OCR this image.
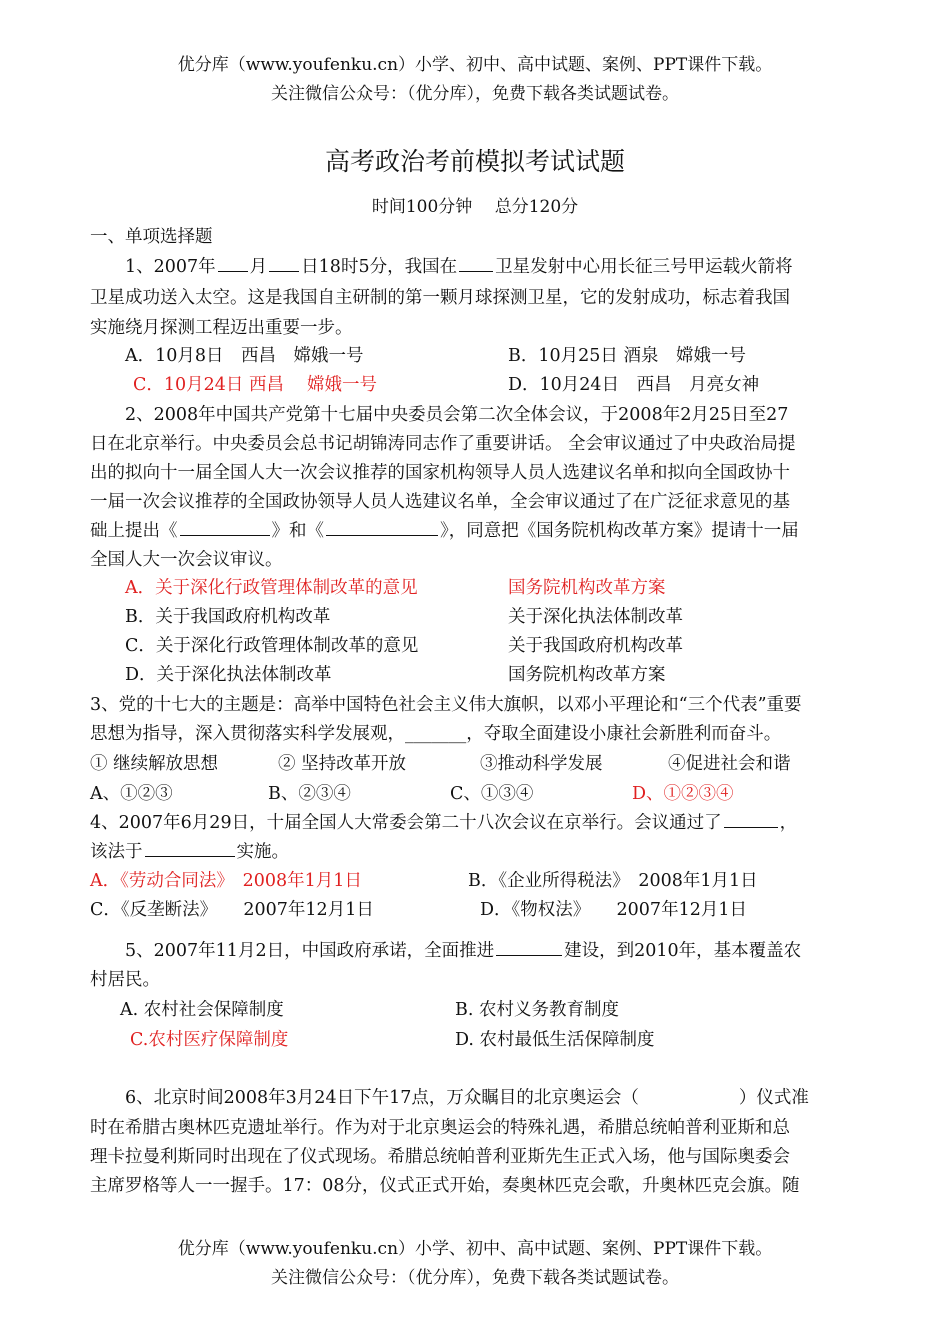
优分库（www.youfenku.cn）小学、初中、高中试题、案例、PPT课件下载。
关注微信公众号：（优分库），免费下载各类试题试卷。
高考政治考前模拟考试试题
时间100分钟　 总分120分
一、单项选择题
1、2007年 月 日18时5分，我国在 卫星发射中心用长征三号甲运载火箭将
卫星成功送入太空。这是我国自主研制的第一颗月球探测卫星，它的发射成功，标志着我国
实施绕月探测工程迈出重要一步。
A．10月8日　西昌　嫦娥一号	B．10月25日 酒泉　嫦娥一号
C．10月24日 西昌　 嫦娥一号	D．10月24日　西昌　月亮女神
2、2008年中国共产党第十七届中央委员会第二次全体会议，于2008年2月25日至27
日在北京举行。中央委员会总书记胡锦涛同志作了重要讲话。 全会审议通过了中央政治局提
出的拟向十一届全国人大一次会议推荐的国家机构领导人员人选建议名单和拟向全国政协十
一届一次会议推荐的全国政协领导人员人选建议名单，全会审议通过了在广泛征求意见的基
础上提出《	》和《	》，同意把《国务院机构改革方案》提请十一届
全国人大一次会议审议。
A．关于深化行政管理体制改革的意见	国务院机构改革方案
B．关于我国政府机构改革	关于深化执法体制改革
C．关于深化行政管理体制改革的意见	关于我国政府机构改革
D．关于深化执法体制改革	国务院机构改革方案
3、党的十七大的主题是：高举中国特色社会主义伟大旗帜，以邓小平理论和“三个代表”重要
思想为指导，深入贯彻落实科学发展观，_______，夺取全面建设小康社会新胜利而奋斗。
① 继续解放思想	② 坚持改革开放	③推动科学发展	④促进社会和谐
A、①②③	B、②③④	C、①③④	D、①②③④
4、2007年6月29日，十届全国人大常委会第二十八次会议在京举行。会议通过了	，
该法于	实施。
A．《劳动合同法》　2008年1月1日	B．《企业所得税法》　2008年1月1日
C．《反垄断法》　　2007年12月1日	D．《物权法》　　2007年12月1日
5、2007年11月2日，中国政府承诺，全面推进	建设，到2010年，基本覆盖农
村居民。
A. 农村社会保障制度	B. 农村义务教育制度
C.农村医疗保障制度	D. 农村最低生活保障制度
6、北京时间2008年3月24日下午17点，万众瞩目的北京奥运会（	）仪式准
时在希腊古奥林匹克遗址举行。作为对于北京奥运会的特殊礼遇，希腊总统帕普利亚斯和总
理卡拉曼利斯同时出现在了仪式现场。希腊总统帕普利亚斯先生正式入场，他与国际奥委会
主席罗格等人一一握手。17：08分，仪式正式开始，奏奥林匹克会歌，升奥林匹克会旗。随
优分库（www.youfenku.cn）小学、初中、高中试题、案例、PPT课件下载。
关注微信公众号：（优分库），免费下载各类试题试卷。
